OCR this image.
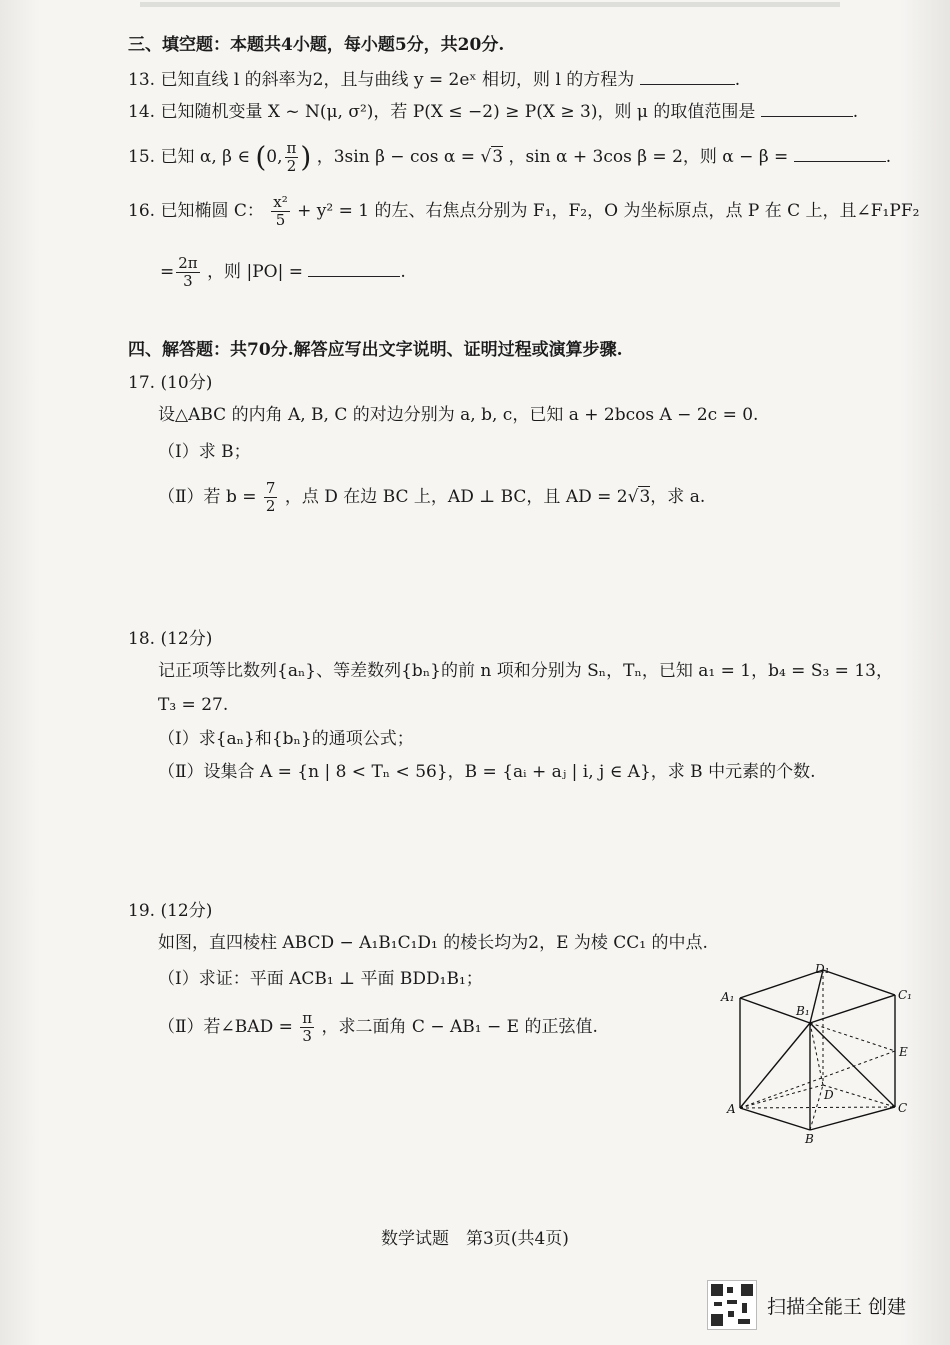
三、填空题：本题共4小题，每小题5分，共20分.
13. 已知直线 l 的斜率为2，且与曲线 y = 2eˣ 相切，则 l 的方程为	.
14. 已知随机变量 X ~ N(μ, σ²)，若 P(X ≤ −2) ≥ P(X ≥ 3)，则 μ 的取值范围是	.
15. 已知 α, β ∈ (0, $\frac{\pi}{2}$ ) ，3sin β − cos α = √3 ，sin α + 3cos β = 2，则 α − β =	.
16. 已知椭圆 C： $\frac{\text{x²}}{5} + y^2 = 1$ 的左、右焦点分别为 F₁，F₂，O 为坐标原点，点 P 在 C 上，且∠F₁PF₂
= $\frac{2\pi}{3}$ ，则 |PO| =	.
四、解答题：共70分.解答应写出文字说明、证明过程或演算步骤.
17. (10分)
设△ABC 的内角 A, B, C 的对边分别为 a, b, c，已知 a + 2bcos A − 2c = 0.
（Ⅰ）求 B；
（Ⅱ）若 $b = \frac{7}{2}$ ，点 D 在边 BC 上，AD ⊥ BC，且 AD = 2√3，求 a.
18. (12分)
记正项等比数列{aₙ}、等差数列{bₙ}的前 n 项和分别为 Sₙ，Tₙ，已知 a₁ = 1，b₄ = S₃ = 13，
T₃ = 27.
（Ⅰ）求{aₙ}和{bₙ}的通项公式；
（Ⅱ）设集合 A = {n | 8 < Tₙ < 56}，B = {aᵢ + aⱼ | i, j ∈ A}，求 B 中元素的个数.
19. (12分)
如图，直四棱柱 ABCD − A₁B₁C₁D₁ 的棱长均为2，E 为棱 CC₁ 的中点.
（Ⅰ）求证：平面 ACB₁ ⊥ 平面 BDD₁B₁；
（Ⅱ）若∠BAD = $\frac{\pi}{3}$ ，求二面角 C − AB₁ − E 的正弦值.
D₁
A₁	C₁
B₁
E
D
A	C
B
数学试题　第3页(共4页)
扫描全能王 创建
